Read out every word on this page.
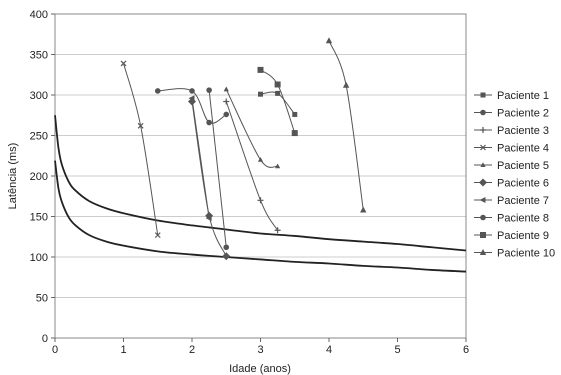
0
50
100
150
200
250
300
350
400
0	1	2	3	4	5	6
Idade (anos)
Latência (ms)
Paciente 1
Paciente 2
Paciente 3
Paciente 4
Paciente 5
Paciente 6
Paciente 7
Paciente 8
Paciente 9
Paciente 10
